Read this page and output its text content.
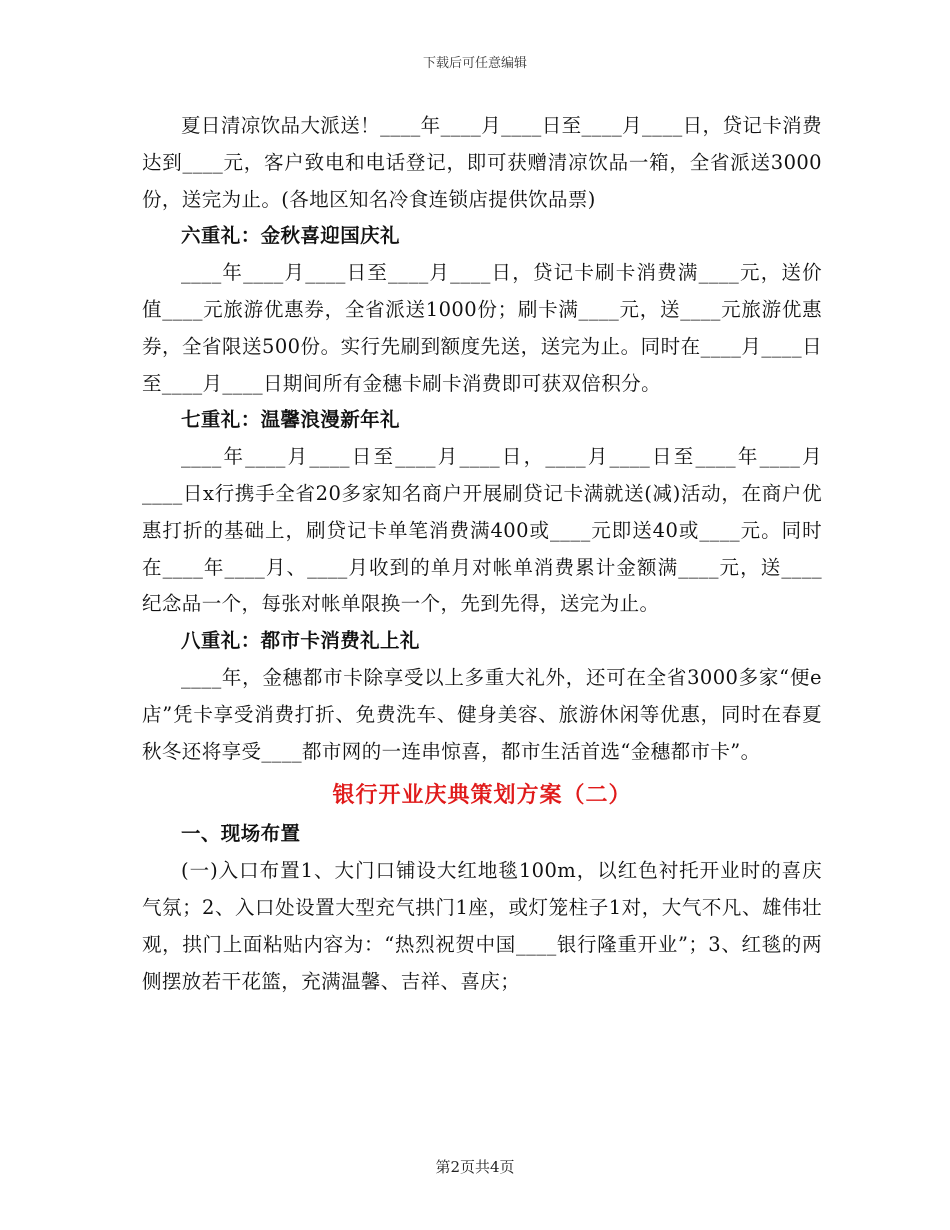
下载后可任意编辑

夏日清凉饮品大派送！____年____月____日至____月____日，贷记卡消费达到____元，客户致电和电话登记，即可获赠清凉饮品一箱，全省派送3000份，送完为止。(各地区知名冷食连锁店提供饮品票)

六重礼：金秋喜迎国庆礼

____年____月____日至____月____日，贷记卡刷卡消费满____元，送价值____元旅游优惠券，全省派送1000份；刷卡满____元，送____元旅游优惠券，全省限送500份。实行先刷到额度先送，送完为止。同时在____月____日至____月____日期间所有金穗卡刷卡消费即可获双倍积分。

七重礼：温馨浪漫新年礼

____年____月____日至____月____日，____月____日至____年____月____日x行携手全省20多家知名商户开展刷贷记卡满就送(减)活动，在商户优惠打折的基础上，刷贷记卡单笔消费满400或____元即送40或____元。同时在____年____月、____月收到的单月对帐单消费累计金额满____元，送____纪念品一个，每张对帐单限换一个，先到先得，送完为止。

八重礼：都市卡消费礼上礼

____年，金穗都市卡除享受以上多重大礼外，还可在全省3000多家“便e店”凭卡享受消费打折、免费洗车、健身美容、旅游休闲等优惠，同时在春夏秋冬还将享受____都市网的一连串惊喜，都市生活首选“金穗都市卡”。

银行开业庆典策划方案（二）

一、现场布置

(一)入口布置1、大门口铺设大红地毯100m，以红色衬托开业时的喜庆气氛；2、入口处设置大型充气拱门1座，或灯笼柱子1对，大气不凡、雄伟壮观，拱门上面粘贴内容为：“热烈祝贺中国____银行隆重开业”；3、红毯的两侧摆放若干花篮，充满温馨、吉祥、喜庆；

第2页共4页
